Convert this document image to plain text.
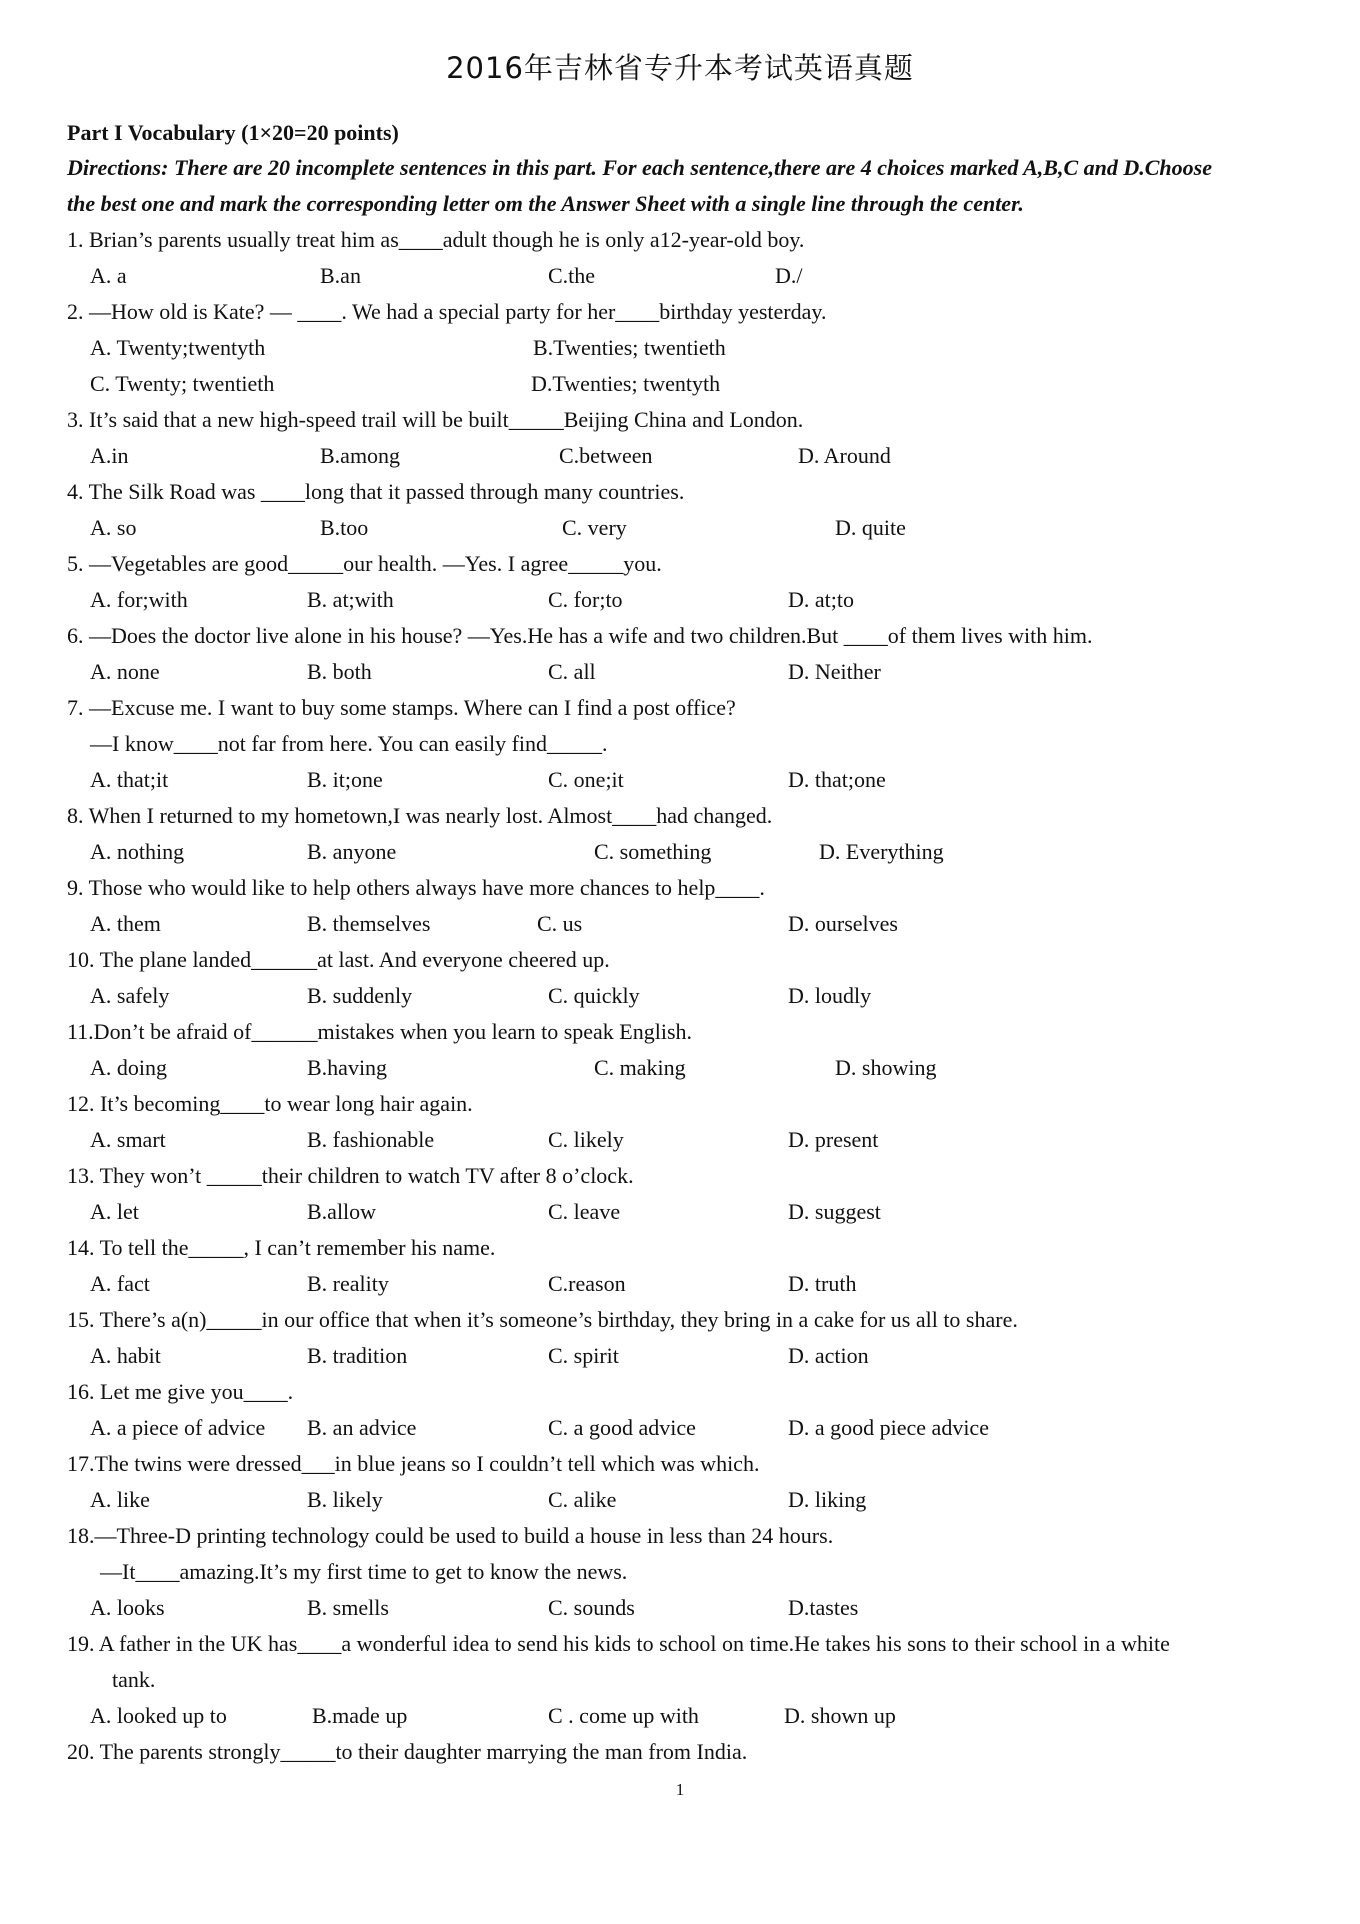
2016年吉林省专升本考试英语真题
Part I Vocabulary (1×20=20 points)
Directions: There are 20 incomplete sentences in this part. For each sentence,there are 4 choices marked A,B,C and D.Choose
the best one and mark the corresponding letter om the Answer Sheet with a single line through the center.
1. Brian’s parents usually treat him as____adult though he is only a12-year-old boy.
A. a	B.an	C.the	D./
2. —How old is Kate? — ____. We had a special party for her____birthday yesterday.
A. Twenty;twentyth	B.Twenties; twentieth
C. Twenty; twentieth	D.Twenties; twentyth
3. It’s said that a new high-speed trail will be built_____Beijing China and London.
A.in	B.among	C.between	D. Around
4. The Silk Road was ____long that it passed through many countries.
A. so	B.too	C. very	D. quite
5. —Vegetables are good_____our health. —Yes. I agree_____you.
A. for;with	B. at;with	C. for;to	D. at;to
6. —Does the doctor live alone in his house? —Yes.He has a wife and two children.But ____of them lives with him.
A. none	B. both	C. all	D. Neither
7. —Excuse me. I want to buy some stamps. Where can I find a post office?
—I know____not far from here. You can easily find_____.
A. that;it	B. it;one	C. one;it	D. that;one
8. When I returned to my hometown,I was nearly lost. Almost____had changed.
A. nothing	B. anyone	C. something	D. Everything
9. Those who would like to help others always have more chances to help____.
A. them	B. themselves	C. us	D. ourselves
10. The plane landed______at last. And everyone cheered up.
A. safely	B. suddenly	C. quickly	D. loudly
11.Don’t be afraid of______mistakes when you learn to speak English.
A. doing	B.having	C. making	D. showing
12. It’s becoming____to wear long hair again.
A. smart	B. fashionable	C. likely	D. present
13. They won’t _____their children to watch TV after 8 o’clock.
A. let	B.allow	C. leave	D. suggest
14. To tell the_____, I can’t remember his name.
A. fact	B. reality	C.reason	D. truth
15. There’s a(n)_____in our office that when it’s someone’s birthday, they bring in a cake for us all to share.
A. habit	B. tradition	C. spirit	D. action
16. Let me give you____.
A. a piece of advice B. an advice	C. a good advice	D. a good piece advice
17.The twins were dressed___in blue jeans so I couldn’t tell which was which.
A. like	B. likely	C. alike	D. liking
18.—Three-D printing technology could be used to build a house in less than 24 hours.
—It____amazing.It’s my first time to get to know the news.
A. looks	B. smells	C. sounds	D.tastes
19. A father in the UK has____a wonderful idea to send his kids to school on time.He takes his sons to their school in a white
tank.
A. looked up to	B.made up	C . come up with	D. shown up
20. The parents strongly_____to their daughter marrying the man from India.
1
